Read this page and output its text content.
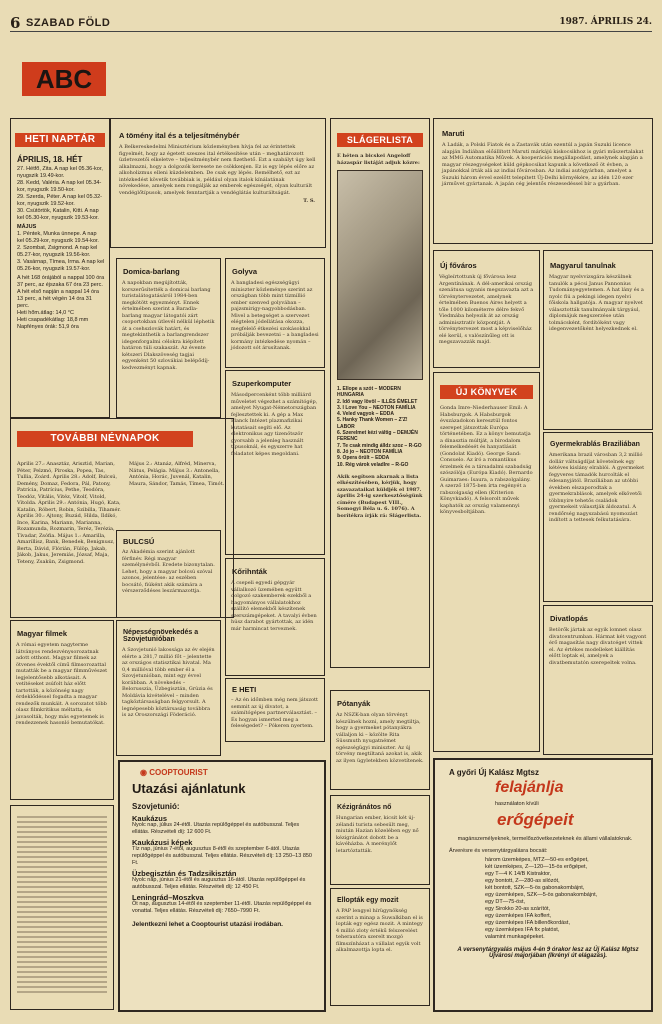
6 SZABAD FÖLD	1987. ÁPRILIS 24.
ABC
HETI NAPTÁR
ÁPRILIS, 18. HÉT

27. Hétfő, Zita. A nap kel 05.36-kor, nyugszik 19.49-kor.

28. Kedd, Valéria. A nap kel 05.34-kor, nyugszik 19.50-kor.

29. Szerda, Péter. A nap kel 05.32-kor, nyugszik 19.52-kor.

30. Csütörtök, Katalin, Kitti. A nap kel 05.30-kor, nyugszik 19.53-kor.

MÁJUS

1. Péntek, Munka ünnepe. A nap kel 05.29-kor, nyugszik 19.54-kor.

2. Szombat, Zsigmond. A nap kel 05.27-kor, nyugszik 19.56-kor.

3. Vasárnap, Tímea, Irma. A nap kel 05.26-kor, nyugszik 19.57-kor.

A hét 168 órájából a nappal 100 óra 37 perc, az éjszaka 67 óra 23 perc. A hét első napján a nappal 14 óra 13 perc, a hét végén 14 óra 31 perc.

Heti hőm.átlag: 14,0 °C

Heti csapadékátlag: 18,8 mm

Napfényes órák: 51,9 óra

TOVÁBBI NÉVNAPOK
Április 27.: Anasztáz, Arisztid, Marian, Péter, Pelzmó, Piroska, Popea, Tas, Tullia, Zoárd. Április 28.: Adolf, Bulcsú, Demény, Domaz, Fedora, Pál, Patony, Patrícia, Patrícius, Pethe, Teodóra, Teodóz, Vitális, Vitéz, Vitolf, Vitold, Vitolda. Április 29.: Antónia, Hugó, Kata, Katalin, Róbert, Robin, Szibilla, Tihamér. Április 30.: Ajtony, Buzád, Hilda, Ildikó, Ince, Karina, Mariann, Marianna, Rozamunda, Rozmarin, Teréz, Terézia, Tivadar, Zsófia. Május 1.: Amarilla, Amarillisz, Bank, Benedek, Benignusz, Berta, Dávid, Flórián, Fülöp, Jakab, Jákob, Jakus, Jeremiás, Józsaf, Maja, Teteny, Zsakün, Zsigmond.
Május 2.: Atanáz, Alfréd, Minerva, Nátus, Pelágia. Május 3.: Antonella, Antónia, Horác, Juvenál, Katalin, Maura, Sándor, Tamás, Tímea, Timót.
A tömény ital és a teljesítménybér
A Belkereskedelmi Minisztérium közleményben hívja fel az érintettek figyelmét, hogy az égetett szeszes ital értékesítése után – meghatározott üzletvezetői elkeletve – teljesítménybér nem fizethető. Ezt a szabályt úgy kell alkalmazni, hogy a dolgozók keresete ne csökkenjen. Ez is egy lépés előre az alkoholizmus elleni küzdelemben. De csak egy lépés. Remélhető, ezt az intézkedést követik továbbiak is, például olyan italok kínálatának növekedése, amelyek nem rongálják az emberek egészségét, olyan kulturált vendéglőtípusok, amelyek fenntartják a vendéglátás kulturáltságát.
T. S.
Domica-barlang
A napokban megújították, korszerűsítették a domicai barlang turistalátogatásáról 1984-ben megkötött egyezményt. Ennek értelmében szerint a Baradla-barlang magyar látogatói zárt csoportokban útlevél nélkül léphetik át a csehszlovák határt, és megtekinthetik a barlangrendszer idegenforgalmi célokra kiépített határon túli szakaszát. Az évente kétszeri Dlakszöveség tagjai egyenként 50 szlovákiai belépődíj-kedvezményt kapnak.
Golyva
A bangladesi egészségügyi miniszter közleménye szerint az országban több mint tízmillió ember szenved golyvában – pajzsmirigy-nagyobbodásban. Mivel a betegséget a szervezet elégtelen jódellátása okozza, megfelelő étkezési szokásokkal próbálják bevezetni – a bangladesi kormány intézkedése nyomán – jódozott sót árusítanak.
Szuperkomputer
Másodpercenként több milliárd műveletet végezhet a számítógép, amelyet Nyugat-Németországban fejlesztettek ki. A gép a Max Planck Intézet plazmafizikai kutatásait segíti elő. Az elektronikus agy tizenötször gyorsabb a jelenleg használt típusoknál, és egyszerre hat feladatot képes megoldani.
Kőrihnták
A csepeli egyedi gépgyár vállalkozó üzemében együtt dolgozó szakemberek ezekből a hagyományos vállalatokhoz szállító elemekből készítenek szerszámgépeket. A tavalyi évben húsz darabot gyártottak, az idén már harmincat terveznek.
E HETI
– Az én időmben még nem játszott semmit az új divatot, a számítógépes partnerválasztást. – És hogyan ismerted meg a feleségedet? – Pókeren nyertem.
BULCSÚ
Az Akadémia szerint ajánlott férfinév. Régi magyar személynévből. Eredete bizonytalan. Lehet, hogy a magyar bolcsú szóval azonos, jelentése: az eszében bocsátó, fiúként akik számára a vérszerződéses leszármazottja.
Népességnövekedés a Szovjetunióban
A Szovjetunió lakossága az év elején elérte a 281,7 millió főt – jelentette az országos statisztikai hivatal. Ma 0,4 millióval több ember él a Szovjetunióban, mint egy évvel korábban. A növekedés – Belorusszia, Üzbegisztán, Grúzia és Moldávia kivételével – minden tagköztársaságban felgyorsult. A legnépesebb köztársaság továbbra is az Oroszországi Föderáció.
Magyar filmek
A római egyetem nagyterme látványos rendezvénysorozatnak adott otthont. Magyar filmek az ötvenes évektől című filmsorozattal mutatták be a magyar filmművészet legjelentősebb alkotásait. A vetítéseket zsúfolt ház előtt tartották, a közönség nagy érdeklődéssel fogadta a magyar rendezők munkáit. A sorozatot több olasz filmkritikus méltatta, és javasolták, hogy más egyetemek is rendezzenek hasonló bemutatókat.
SLÁGERLISTA
E héten a bicskei Angeloff házaspár listáját adjuk közre:
1. Ellope a szót – MODERN HUNGARIA
2. Idő vagy lövöl – ILLÉS ÉMELET
3. I Love You – NEOTON FAMÍLIA
4. Veled vagyok – EDDA
5. Hanky Thank Women – Z'Z! LABOR
6. Szerelmet kézi váltig – DEMJÉN FERENC
7. Te csak mindig álldz szoz – R-GO
8. Jó jo – NEOTON FAMÍLIA
9. Opera örült – EDDA
10. Rég várok veladlre – R-GO
Akik segítsen akarnak a lista elkészítésében, kérjük, hogy szavazataikat küldjék el 1987. április 24-ig szerkesztőségünk címére (Budapest VIII., Somogyi Béla u. 6. 1076). A borítékra írják rá: Slágerlista.
Pótanyák
Az NSZK-ban olyan törvényt készülnek hozni, amely megtiltja, hogy a gyermeket pótanyákra vállaljon ki – közölte Rita Süssmuth nyugatnémet egészségügyi miniszter. Az új törvény megtiltaná azokat is, akik az ilyen ügyletekben közvetítenek.
Kézigránátos nő
Hungarian ember, kicsit két új-zélandi turista sebesült meg, miután Hazian közelében egy nő kézigránátot dobott be a kávéházba. A merénylőt letartóztatták.
Ellopták egy mozit
A PAP lengyel hírügynökség szerint a minap a Suwalkiban el is lopták egy egész mozit. A mintegy 4 millió zloty értékű felszerelést teherautóra szerelt mozgó filmszínházat a vállalat egyik volt alkalmazottja lopta el.
Maruti
A Ladák, a Polski Fiatok és a Zastavák után ezentúl a japán Suzuki licence alapján Indiában előállított Maruti márkájú kiskocsikhoz is gyári műszertalakat az MMG Automatika Művek. A kooperációs megállapodást, amelynek alapján a magyar részegységeket küld gépkocsikat kapunk a következő öt évben, a japánokkal írták alá az indiai fővárosban. Az indiai autógyárban, amelyet a Suzuki három évvel ezelőtt telepített Új-Delhi környékére, az idén 120 ezer járművet gyártanak. A japán cég jelentős részesedéssel bír a gyárban.
Új főváros
Végleírtottunk új fővárosa lesz Argentínának. A dél-amerikai ország szenátusa ugyanis megszavazta azt a törvénytervezetet, amelynek értelmében Buenos Aires helyett a tőle 1000 kilométerre délre fekvő Viedmába helyezik át az ország adminisztratív központját. A törvénytervezet most a képviselőház elé kerül, s valószínűleg ott is megszavazzák majd.
Magyarul tanulnak
Magyar nyelvvizsgára készülnek tanulók a pécsi Janus Pannonius Tudományegyetemen. A hat lány és a nyolc fiú a pekingi idegen nyelvi főiskola hallgatója. A magyar nyelvet választották tanulmányaik tárgyául, diplomájuk megszerzése után tolmácsként, fordítóként vagy idegenvezetőként helyezkednek el.
ÚJ KÖNYVEK
Gonda Imre–Niederhauser Emil: A Habsburgok. A Habsburgok évszázadokon keresztül fontos szerepet játszottak Európa történetében. Ez a könyv bemutatja a dinasztia múltját, a birodalom felemelkedését és hanyatlását (Gondolat Kiadó). George Sand: Consuelo. Az író a romantikus érzelmek és a társadalmi szabadság szószólója (Európa Kiadó). Bernardo Guimaraes: Isaura, a rabszolgalány. A szerző 1875-ben írta regényét a rabszolgaság ellen (Kriterion Könyvkiadó). A felsorolt művek kaphatók az ország valamennyi könyvesboltjában.
Gyermekrablás Braziliában
Amerikana brazil városban 3,2 millió dollár váltságdíjat követelnek egy kétéves kislány elrablói. A gyermeket fegyveres támadók hurcolták el édesanyjától. Brazíliában az utóbbi években elszaporodtak a gyermekrablások, amelyek elkövetői többnyire tehetős családok gyermekeit választják áldozatul. A rendőrség nagyszabású nyomozást indított a tettesek felkutatására.
Divatlopás
Betörők jártak az egyik lomnet olasz divatcentrumban. Hármat két vagyont érő magasítás nagy divatcéget vittek el. Az értékes modelleket kiállítás előtt loptak el, amelyek a divatbemutatón szerepeltek volna.
◉ COOPTOURIST
Utazási ajánlatunk
Szovjetunió:

Kaukázus

Nyolc nap, július 24-étől. Utazás repülőgéppel és autóbusszal. Teljes ellátás. Részvételi díj: 12 600 Ft.

Kaukázusi képek

Tíz nap, június 7-étől, augusztus 8-étől és szeptember 6-ától. Utazás repülőgéppel és autóbusszal. Teljes ellátás. Részvételi díj: 13 250–13 850 Ft.

Üzbegisztán és Tadzsikisztán

Nyolc nap, június 21-étől és augusztus 16-ától. Utazás repülőgéppel és autóbusszal. Teljes ellátás. Részvételi díj: 12 450 Ft.

Leningrád–Moszkva

Öt nap, augusztus 14-étől és szeptember 11-étől. Utazás repülőgéppel és vonattal. Teljes ellátás. Részvételi díj: 7650–7990 Ft.

Jelentkezni lehet a Cooptourist utazási irodában.
A győri Új Kalász Mgtsz
felajánlja
használaton kívüli
erőgépeit
magánszemélyeknek, termelőszövetkezeteknek és állami vállalatoknak.
Árverésre és versenytárgyalásra bocsát:

három üzemképes, MTZ—50-es erőgépet,

két üzemképes, Z—120—15-ös erőgépet,

egy T—4 K 14/B Kistraktor,

egy bontott, Z—280-as silózót,

két bontott, SZK—5-ös gabonakombájnt,

egy üzemképes, SZK—5-ös gabonakombájnt,

egy DT—75-öst,

egy Sirokko 20-as szárítót,

egy üzemképes IFA koffert,

egy üzemképes IFA billenőkordást,

egy üzemképes IFA fix platóst,

valamint munkagépeket.

A versenytárgyalás május 4-én 9 órakor lesz az Új Kalász Mgtsz Újvárosi majorjában (Ikrényi út elágazás).
